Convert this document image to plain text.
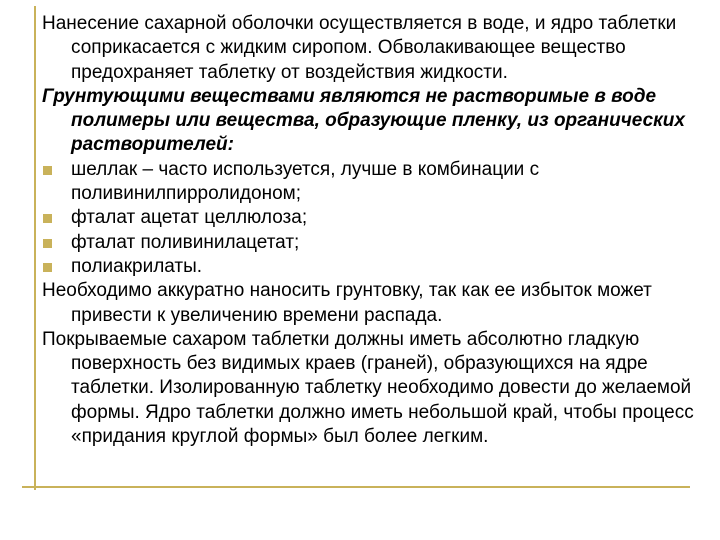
Нанесение сахарной оболочки осуществляется в воде, и ядро таблетки соприкасается с жидким сиропом. Обволакивающее вещество предохраняет таблетку от воздействия жидкости.

Грунтующими веществами являются не растворимые в воде полимеры или вещества, образующие пленку, из органических растворителей:

шеллак – часто используется, лучше в комбинации с поливинилпирролидоном;
фталат ацетат целлюлоза;
фталат поливинилацетат;
полиакрилаты.

Необходимо аккуратно наносить грунтовку, так как ее избыток может привести к увеличению времени распада.

Покрываемые сахаром таблетки должны иметь абсолютно гладкую поверхность без видимых краев (граней), образующихся на ядре таблетки. Изолированную таблетку необходимо довести до желаемой формы. Ядро таблетки должно иметь небольшой край, чтобы процесс «придания круглой формы» был более легким.
